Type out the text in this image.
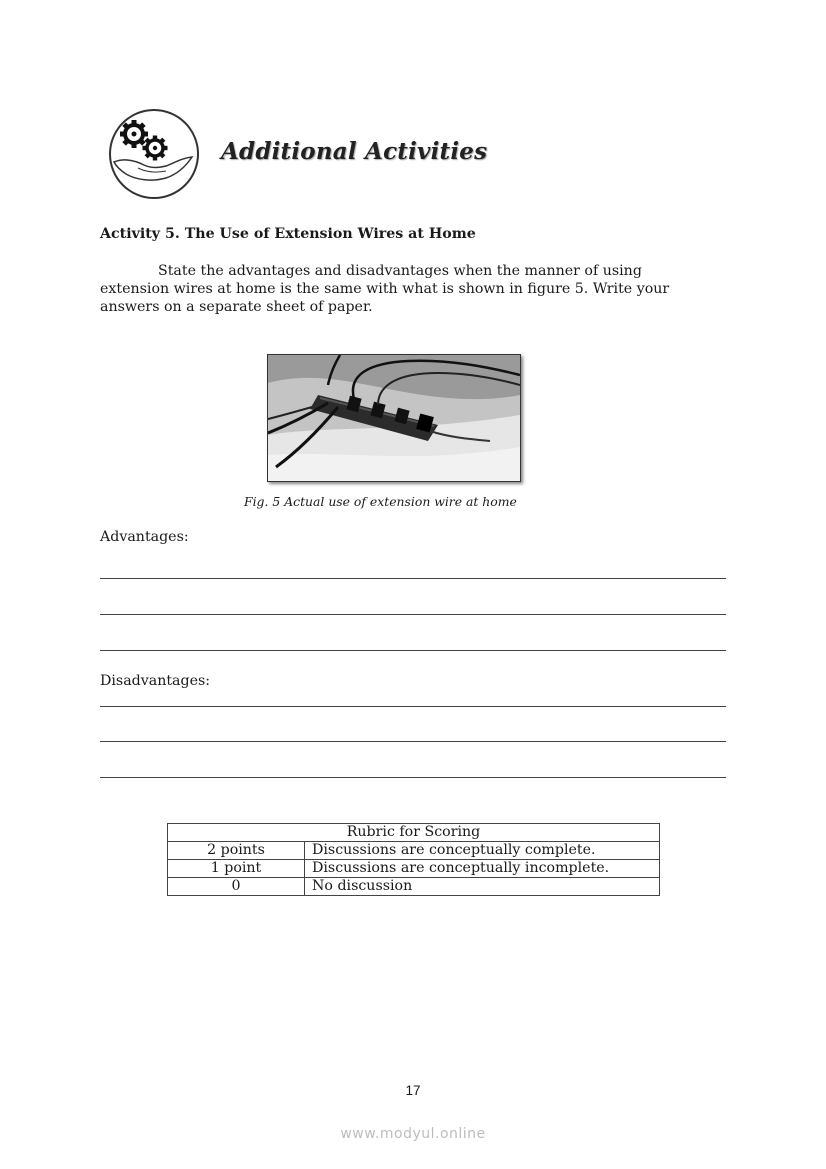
Additional Activities
Activity 5. The Use of Extension Wires at Home
State the advantages and disadvantages when the manner of using extension wires at home is the same with what is shown in figure 5. Write your answers on a separate sheet of paper.
Fig. 5 Actual use of extension wire at home
Advantages:
Disadvantages:
Rubric for Scoring	
2 points	Discussions are conceptually complete.
1 point	Discussions are conceptually incomplete.
0	No discussion
17
www.modyul.online
